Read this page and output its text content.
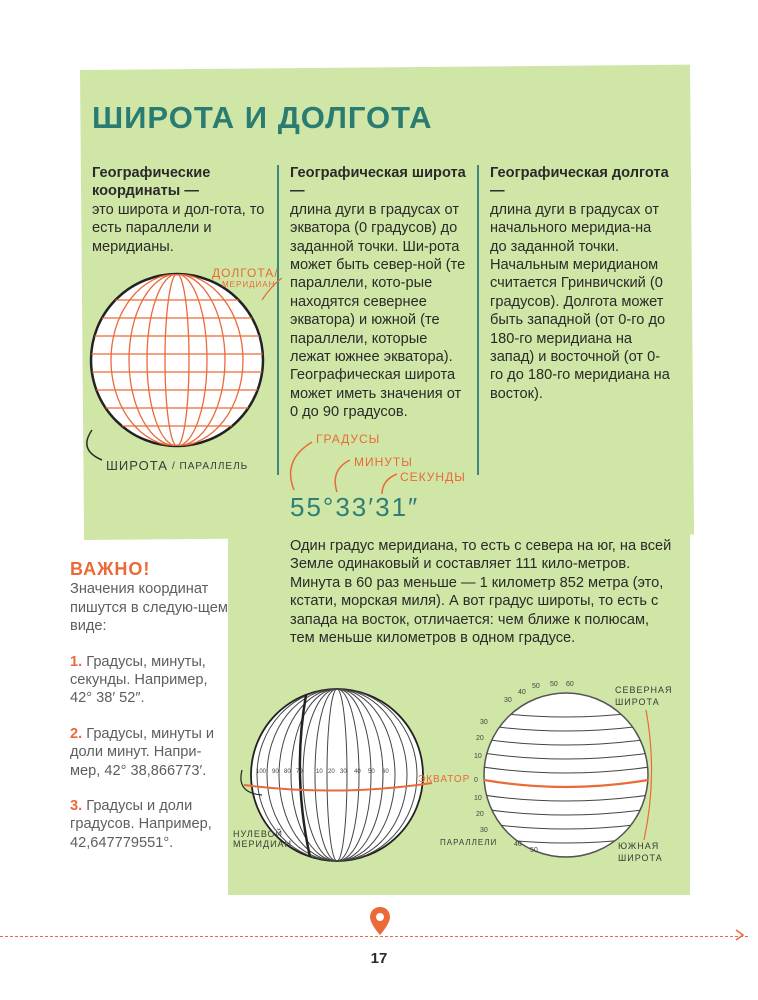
ШИРОТА И ДОЛГОТА
Географические координаты —
это широта и дол-гота, то есть параллели и меридианы.
Географическая широта —
длина дуги в градусах от экватора (0 градусов) до заданной точки. Ши-рота может быть север-ной (те параллели, кото-рые находятся севернее экватора) и южной (те параллели, которые лежат южнее экватора). Географическая широта может иметь значения от 0 до 90 градусов.
Географическая долгота —
длина дуги в градусах от начального меридиа-на до заданной точки. Начальным меридианом считается Гринвичский (0 градусов). Долгота может быть западной (от 0-го до 180-го меридиана на запад) и восточной (от 0-го до 180-го меридиана на восток).
ДОЛГОТА/
МЕРИДИАН
ШИРОТА / ПАРАЛЛЕЛЬ
ГРАДУСЫ
МИНУТЫ
СЕКУНДЫ
55°33′31″
ВАЖНО!

Значения координат пишутся в следую-щем виде:

1. Градусы, минуты, секунды. Например, 42° 38′ 52″.

2. Градусы, минуты и доли минут. Напри-мер, 42° 38,866773′.

3. Градусы и доли градусов. Например, 42,647779551°.

Один градус меридиана, то есть с севера на юг, на всей Земле одинаковый и составляет 111 кило-метров. Минута в 60 раз меньше — 1 километр 852 метра (это, кстати, морская миля). А вот градус широты, то есть с запада на восток, отличается: чем ближе к полюсам, тем меньше километров в одном градусе.
100 90 80 70 10 20 30 40 50 60
НУЛЕВОЙ
МЕРИДИАН
ЭКВАТОР
30
40
50 50 60
30
20
10
0
10
20
30
40
50
СЕВЕРНАЯ
ШИРОТА
ЮЖНАЯ
ШИРОТА
ПАРАЛЛЕЛИ
17
